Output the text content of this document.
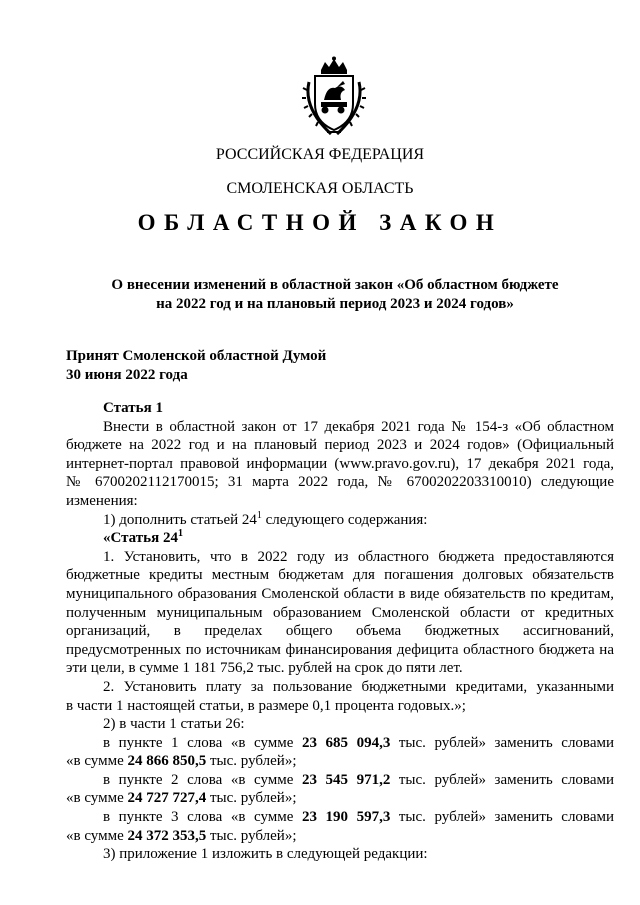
РОССИЙСКАЯ ФЕДЕРАЦИЯ
СМОЛЕНСКАЯ ОБЛАСТЬ
ОБЛАСТНОЙ ЗАКОН
О внесении изменений в областной закон «Об областном бюджете
на 2022 год и на плановый период 2023 и 2024 годов»
Принят Смоленской областной Думой
30 июня 2022 года
Статья 1
Внести в областной закон от 17 декабря 2021 года № 154-з «Об областном
бюджете на 2022 год и на плановый период 2023 и 2024 годов» (Официальный
интернет-портал правовой информации (www.pravo.gov.ru), 17 декабря 2021 года,
№ 6700202112170015; 31 марта 2022 года, № 6700202203310010) следующие
изменения:
1) дополнить статьей $24^1$ следующего содержания:
«Статья $24^1$
1. Установить, что в 2022 году из областного бюджета предоставляются
бюджетные кредиты местным бюджетам для погашения долговых обязательств
муниципального образования Смоленской области в виде обязательств по кредитам,
полученным муниципальным образованием Смоленской области от кредитных
организаций, в пределах общего объема бюджетных ассигнований,
предусмотренных по источникам финансирования дефицита областного бюджета на
эти цели, в сумме 1 181 756,2 тыс. рублей на срок до пяти лет.
2. Установить плату за пользование бюджетными кредитами, указанными
в части 1 настоящей статьи, в размере 0,1 процента годовых.»;
2) в части 1 статьи 26:
в пункте 1 слова «в сумме 23 685 094,3 тыс. рублей» заменить словами
«в сумме 24 866 850,5 тыс. рублей»;
в пункте 2 слова «в сумме 23 545 971,2 тыс. рублей» заменить словами
«в сумме 24 727 727,4 тыс. рублей»;
в пункте 3 слова «в сумме 23 190 597,3 тыс. рублей» заменить словами
«в сумме 24 372 353,5 тыс. рублей»;
3) приложение 1 изложить в следующей редакции:
